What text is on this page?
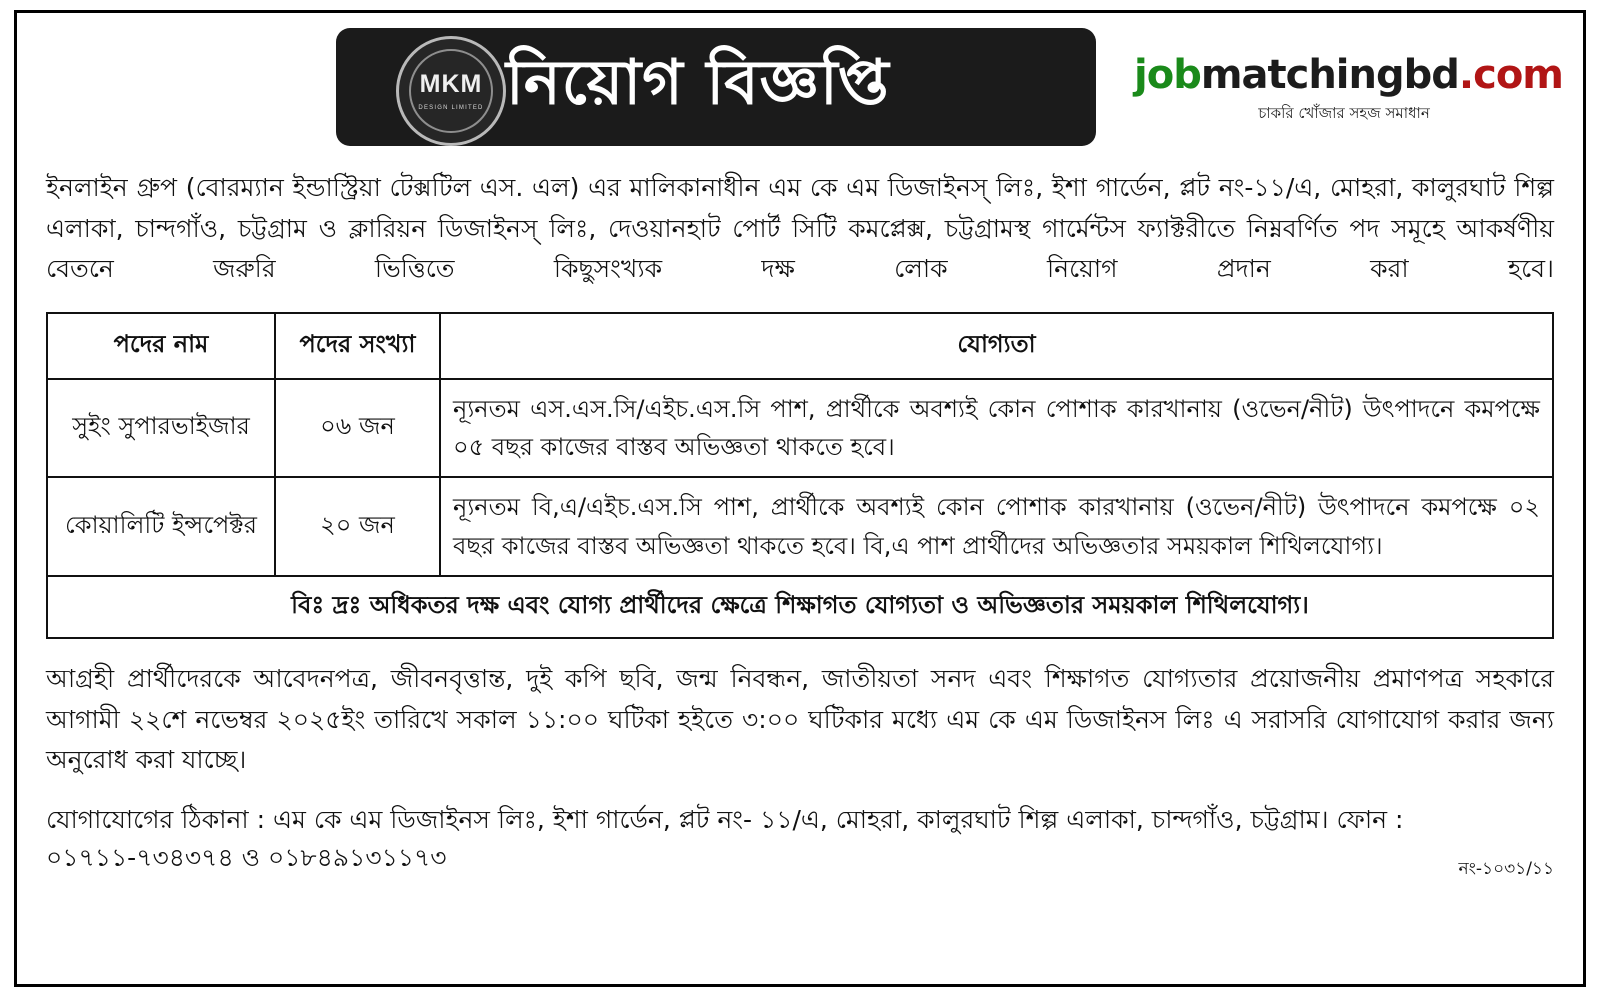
MKM
DESIGN LIMITED নিয়োগ বিজ্ঞপ্তি	jobmatchingbd.com
চাকরি খোঁজার সহজ সমাধান
ইনলাইন গ্রুপ (বোরম্যান ইন্ডাস্ট্রিয়া টেক্সটিল এস. এল) এর মালিকানাধীন এম কে এম ডিজাইনস্ লিঃ, ইশা গার্ডেন, প্লট নং-১১/এ, মোহরা, কালুরঘাট শিল্প এলাকা, চান্দগাঁও, চট্টগ্রাম ও ক্লারিয়ন ডিজাইনস্ লিঃ, দেওয়ানহাট পোর্ট সিটি কমপ্লেক্স, চট্টগ্রামস্থ গার্মেন্টস ফ্যাক্টরীতে নিম্নবর্ণিত পদ সমূহে আকর্ষণীয় বেতনে জরুরি ভিত্তিতে কিছুসংখ্যক দক্ষ লোক নিয়োগ প্রদান করা হবে।
পদের নাম	পদের সংখ্যা	যোগ্যতা
সুইং সুপারভাইজার	০৬ জন	ন্যূনতম এস.এস.সি/এইচ.এস.সি পাশ, প্রার্থীকে অবশ্যই কোন পোশাক কারখানায় (ওভেন/নীট) উৎপাদনে কমপক্ষে ০৫ বছর কাজের বাস্তব অভিজ্ঞতা থাকতে হবে।
কোয়ালিটি ইন্সপেক্টর	২০ জন	ন্যূনতম বি,এ/এইচ.এস.সি পাশ, প্রার্থীকে অবশ্যই কোন পোশাক কারখানায় (ওভেন/নীট) উৎপাদনে কমপক্ষে ০২ বছর কাজের বাস্তব অভিজ্ঞতা থাকতে হবে। বি,এ পাশ প্রার্থীদের অভিজ্ঞতার সময়কাল শিথিলযোগ্য।
বিঃ দ্রঃ অধিকতর দক্ষ এবং যোগ্য প্রার্থীদের ক্ষেত্রে শিক্ষাগত যোগ্যতা ও অভিজ্ঞতার সময়কাল শিথিলযোগ্য।		
আগ্রহী প্রার্থীদেরকে আবেদনপত্র, জীবনবৃত্তান্ত, দুই কপি ছবি, জন্ম নিবন্ধন, জাতীয়তা সনদ এবং শিক্ষাগত যোগ্যতার প্রয়োজনীয় প্রমাণপত্র সহকারে আগামী ২২শে নভেম্বর ২০২৫ইং তারিখে সকাল ১১:০০ ঘটিকা হইতে ৩:০০ ঘটিকার মধ্যে এম কে এম ডিজাইনস লিঃ এ সরাসরি যোগাযোগ করার জন্য অনুরোধ করা যাচ্ছে।
যোগাযোগের ঠিকানা : এম কে এম ডিজাইনস লিঃ, ইশা গার্ডেন, প্লট নং- ১১/এ, মোহরা, কালুরঘাট শিল্প এলাকা, চান্দগাঁও, চট্টগ্রাম। ফোন : ০১৭১১-৭৩৪৩৭৪ ও ০১৮৪৯১৩১১৭৩	নং-১০৩১/১১
